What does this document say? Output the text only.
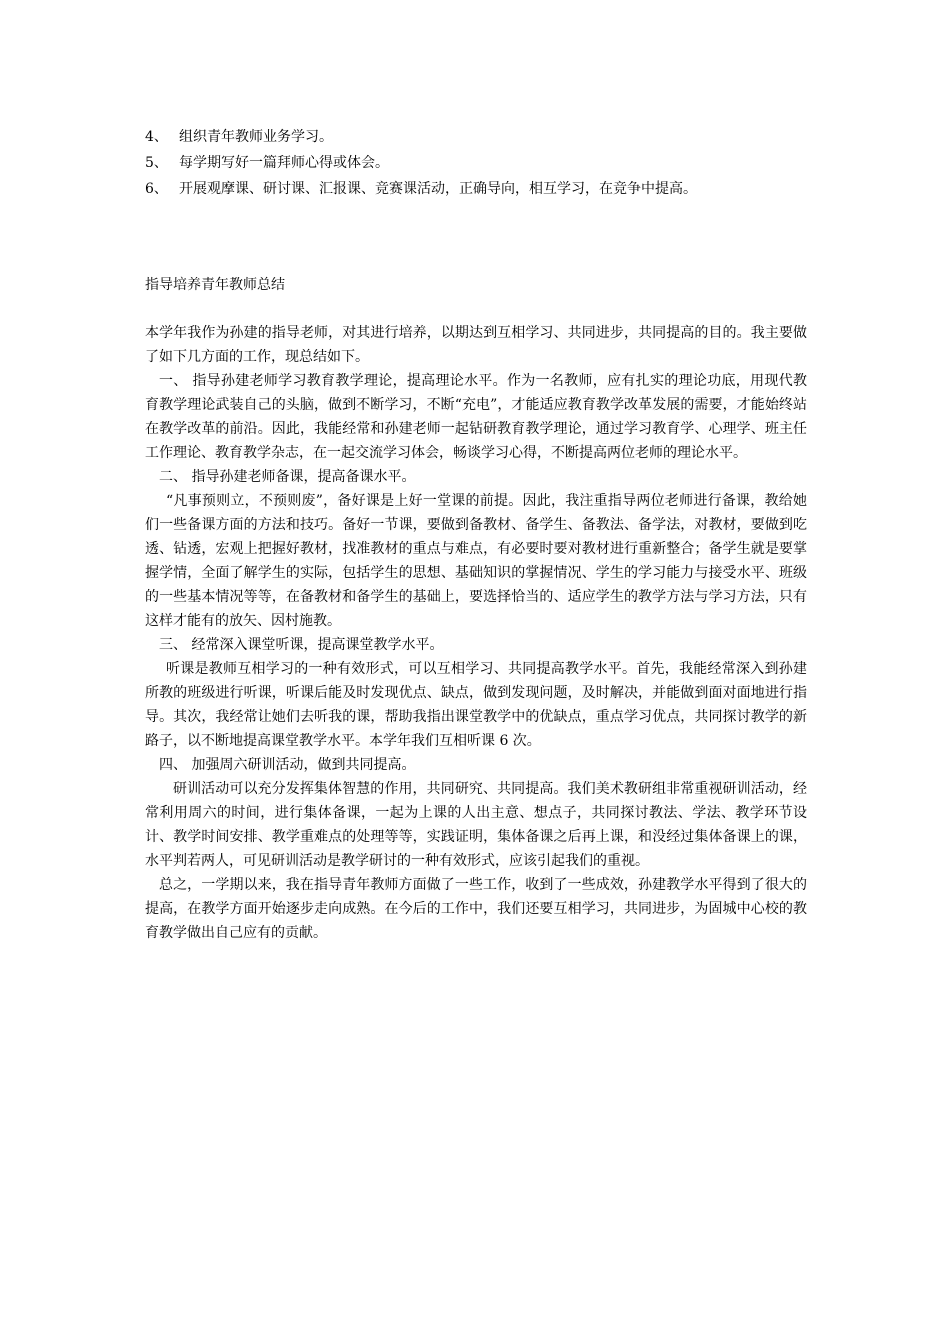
4、 组织青年教师业务学习。
5、 每学期写好一篇拜师心得或体会。
6、 开展观摩课、研讨课、汇报课、竞赛课活动，正确导向，相互学习，在竞争中提高。
指导培养青年教师总结

本学年我作为孙建的指导老师，对其进行培养，以期达到互相学习、共同进步，共同提高的目的。我主要做了如下几方面的工作，现总结如下。

一、 指导孙建老师学习教育教学理论，提高理论水平。作为一名教师，应有扎实的理论功底，用现代教育教学理论武装自己的头脑，做到不断学习，不断“充电”，才能适应教育教学改革发展的需要，才能始终站在教学改革的前沿。因此，我能经常和孙建老师一起钻研教育教学理论，通过学习教育学、心理学、班主任工作理论、教育教学杂志，在一起交流学习体会，畅谈学习心得，不断提高两位老师的理论水平。

二、 指导孙建老师备课，提高备课水平。

“凡事预则立，不预则废”，备好课是上好一堂课的前提。因此，我注重指导两位老师进行备课，教给她们一些备课方面的方法和技巧。备好一节课，要做到备教材、备学生、备教法、备学法，对教材，要做到吃透、钻透，宏观上把握好教材，找准教材的重点与难点，有必要时要对教材进行重新整合；备学生就是要掌握学情，全面了解学生的实际，包括学生的思想、基础知识的掌握情况、学生的学习能力与接受水平、班级的一些基本情况等等，在备教材和备学生的基础上，要选择恰当的、适应学生的教学方法与学习方法，只有这样才能有的放矢、因村施教。

三、 经常深入课堂听课，提高课堂教学水平。

听课是教师互相学习的一种有效形式，可以互相学习、共同提高教学水平。首先，我能经常深入到孙建所教的班级进行听课，听课后能及时发现优点、缺点，做到发现问题，及时解决，并能做到面对面地进行指导。其次，我经常让她们去听我的课，帮助我指出课堂教学中的优缺点，重点学习优点，共同探讨教学的新路子，以不断地提高课堂教学水平。本学年我们互相听课 6 次。

四、 加强周六研训活动，做到共同提高。

研训活动可以充分发挥集体智慧的作用，共同研究、共同提高。我们美术教研组非常重视研训活动，经常利用周六的时间，进行集体备课，一起为上课的人出主意、想点子，共同探讨教法、学法、教学环节设计、教学时间安排、教学重难点的处理等等，实践证明，集体备课之后再上课，和没经过集体备课上的课，水平判若两人，可见研训活动是教学研讨的一种有效形式，应该引起我们的重视。

总之，一学期以来，我在指导青年教师方面做了一些工作，收到了一些成效，孙建教学水平得到了很大的提高，在教学方面开始逐步走向成熟。在今后的工作中，我们还要互相学习，共同进步，为固城中心校的教育教学做出自己应有的贡献。
